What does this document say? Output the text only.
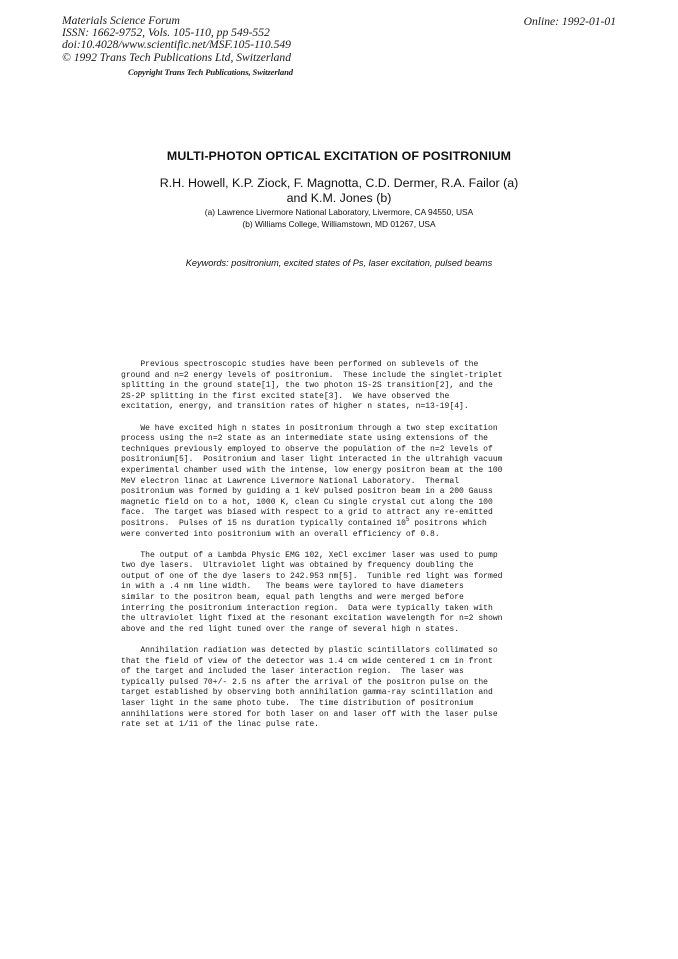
Materials Science Forum
ISSN: 1662-9752, Vols. 105-110, pp 549-552
doi:10.4028/www.scientific.net/MSF.105-110.549
© 1992 Trans Tech Publications Ltd, Switzerland
Online: 1992-01-01
Copyright Trans Tech Publications, Switzerland
MULTI-PHOTON OPTICAL EXCITATION OF POSITRONIUM
R.H. Howell, K.P. Ziock, F. Magnotta, C.D. Dermer, R.A. Failor (a)
and K.M. Jones (b)
(a) Lawrence Livermore National Laboratory, Livermore, CA 94550, USA
(b) Williams College, Williamstown, MD 01267, USA
Keywords: positronium, excited states of Ps, laser excitation, pulsed beams
Previous spectroscopic studies have been performed on sublevels of the
ground and n=2 energy levels of positronium.  These include the singlet-triplet
splitting in the ground state[1], the two photon 1S-2S transition[2], and the
2S-2P splitting in the first excited state[3].  We have observed the
excitation, energy, and transition rates of higher n states, n=13-19[4].
We have excited high n states in positronium through a two step excitation
process using the n=2 state as an intermediate state using extensions of the
techniques previously employed to observe the population of the n=2 levels of
positronium[5].  Positronium and laser light interacted in the ultrahigh vacuum
experimental chamber used with the intense, low energy positron beam at the 100
MeV electron linac at Lawrence Livermore National Laboratory.  Thermal
positronium was formed by guiding a 1 keV pulsed positron beam in a 200 Gauss
magnetic field on to a hot, 1000 K, clean Cu single crystal cut along the 100
face.  The target was biased with respect to a grid to attract any re-emitted
positrons.  Pulses of 15 ns duration typically contained $10^5$ positrons which
were converted into positronium with an overall efficiency of 0.8.
The output of a Lambda Physic EMG 102, XeCl excimer laser was used to pump
two dye lasers.  Ultraviolet light was obtained by frequency doubling the
output of one of the dye lasers to 242.953 nm[5].  Tunible red light was formed
in with a .4 nm line width.   The beams were taylored to have diameters
similar to the positron beam, equal path lengths and were merged before
interring the positronium interaction region.  Data were typically taken with
the ultraviolet light fixed at the resonant excitation wavelength for n=2 shown
above and the red light tuned over the range of several high n states.
Annihilation radiation was detected by plastic scintillators collimated so
that the field of view of the detector was 1.4 cm wide centered 1 cm in front
of the target and included the laser interaction region.  The laser was
typically pulsed 70+/- 2.5 ns after the arrival of the positron pulse on the
target established by observing both annihilation gamma-ray scintillation and
laser light in the same photo tube.  The time distribution of positronium
annihilations were stored for both laser on and laser off with the laser pulse
rate set at 1/11 of the linac pulse rate.
